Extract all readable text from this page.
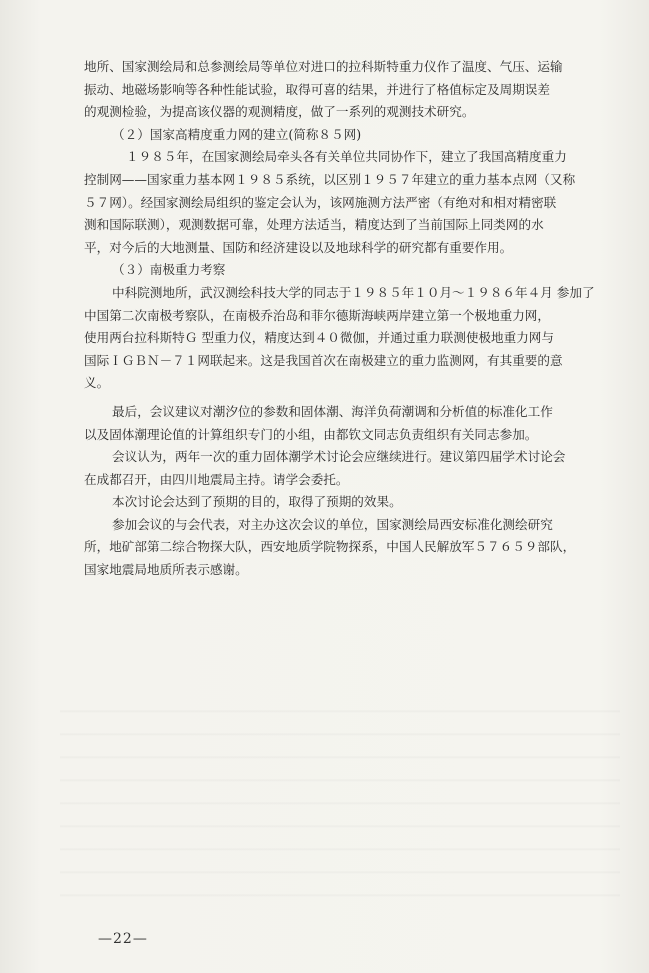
地所、国家测绘局和总参测绘局等单位对进口的拉科斯特重力仪作了温度、气压、运输
振动、地磁场影响等各种性能试验，取得可喜的结果，并进行了格值标定及周期误差
的观测检验，为提高该仪器的观测精度，做了一系列的观测技术研究。
（２）国家高精度重力网的建立(简称８５网)
１９８５年，在国家测绘局牵头各有关单位共同协作下，建立了我国高精度重力
控制网——国家重力基本网１９８５系统，以区别１９５７年建立的重力基本点网（又称
５７网）。经国家测绘局组织的鉴定会认为，该网施测方法严密（有绝对和相对精密联
测和国际联测），观测数据可靠，处理方法适当，精度达到了当前国际上同类网的水
平，对今后的大地测量、国防和经济建设以及地球科学的研究都有重要作用。
（３）南极重力考察
中科院测地所，武汉测绘科技大学的同志于１９８５年１０月～１９８６年４月 参加了
中国第二次南极考察队，在南极乔治岛和菲尔德斯海峡两岸建立第一个极地重力网，
使用两台拉科斯特Ｇ 型重力仪，精度达到４０微伽，并通过重力联测使极地重力网与
国际ＩＧＢＮ－７１网联起来。这是我国首次在南极建立的重力监测网，有其重要的意
义。
最后，会议建议对潮汐位的参数和固体潮、海洋负荷潮调和分析值的标准化工作
以及固体潮理论值的计算组织专门的小组，由都钦文同志负责组织有关同志参加。
会议认为，两年一次的重力固体潮学术讨论会应继续进行。建议第四届学术讨论会
在成都召开，由四川地震局主持。请学会委托。
本次讨论会达到了预期的目的，取得了预期的效果。
参加会议的与会代表，对主办这次会议的单位，国家测绘局西安标准化测绘研究
所，地矿部第二综合物探大队，西安地质学院物探系，中国人民解放军５７６５９部队，
国家地震局地质所表示感谢。
—22—
